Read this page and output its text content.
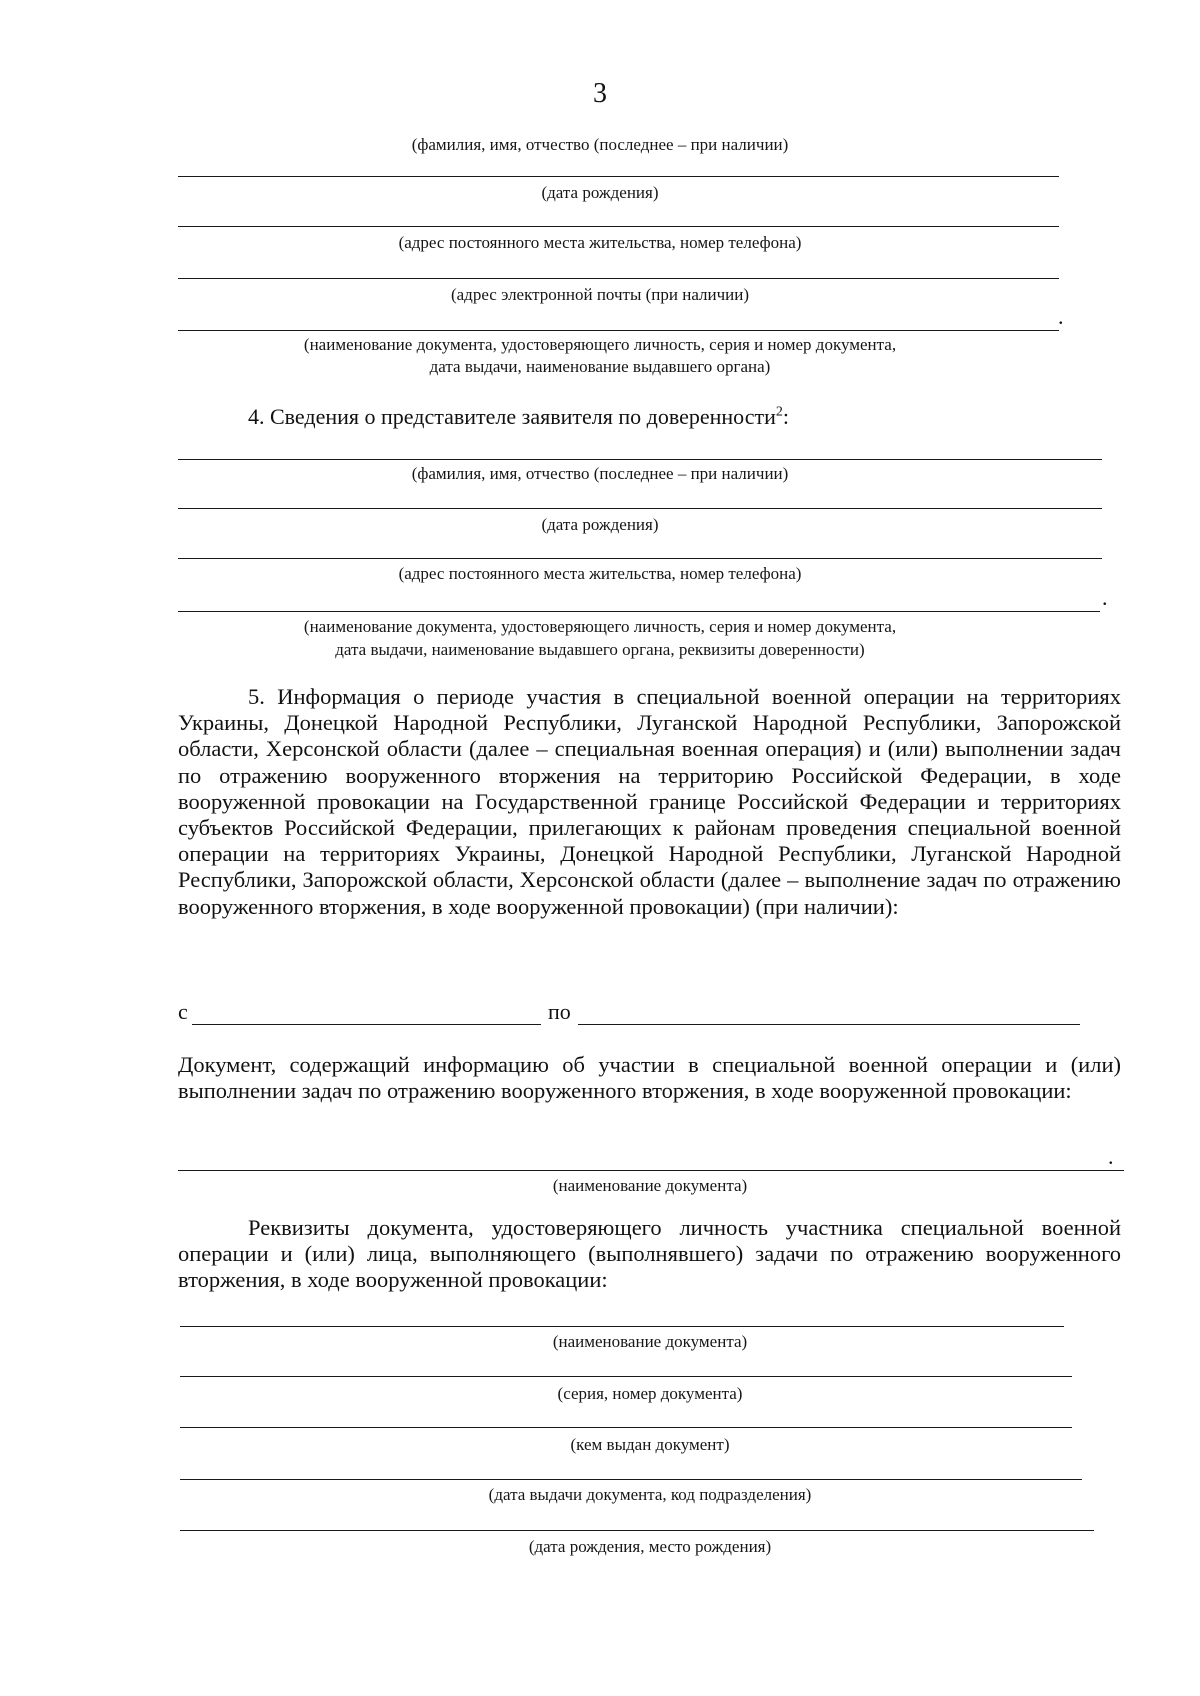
3
(фамилия, имя, отчество (последнее – при наличии)
(дата рождения)
(адрес постоянного места жительства, номер телефона)
(адрес электронной почты (при наличии)
.
(наименование документа, удостоверяющего личность, серия и номер документа,
дата выдачи, наименование выдавшего органа)
4. Сведения о представителе заявителя по доверенности$^2$:
(фамилия, имя, отчество (последнее – при наличии)
(дата рождения)
(адрес постоянного места жительства, номер телефона)
.
(наименование документа, удостоверяющего личность, серия и номер документа,
дата выдачи, наименование выдавшего органа, реквизиты доверенности)
5. Информация о периоде участия в специальной военной операции на территориях Украины, Донецкой Народной Республики, Луганской Народной Республики, Запорожской области, Херсонской области (далее – специальная военная операция) и (или) выполнении задач по отражению вооруженного вторжения на территорию Российской Федерации, в ходе вооруженной провокации на Государственной границе Российской Федерации и территориях субъектов Российской Федерации, прилегающих к районам проведения специальной военной операции на территориях Украины, Донецкой Народной Республики, Луганской Народной Республики, Запорожской области, Херсонской области (далее – выполнение задач по отражению вооруженного вторжения, в ходе вооруженной провокации) (при наличии):
с	по
Документ, содержащий информацию об участии в специальной военной операции и (или) выполнении задач по отражению вооруженного вторжения, в ходе вооруженной провокации:
.
(наименование документа)
Реквизиты документа, удостоверяющего личность участника специальной военной операции и (или) лица, выполняющего (выполнявшего) задачи по отражению вооруженного вторжения, в ходе вооруженной провокации:
(наименование документа)
(серия, номер документа)
(кем выдан документ)
(дата выдачи документа, код подразделения)
(дата рождения, место рождения)
